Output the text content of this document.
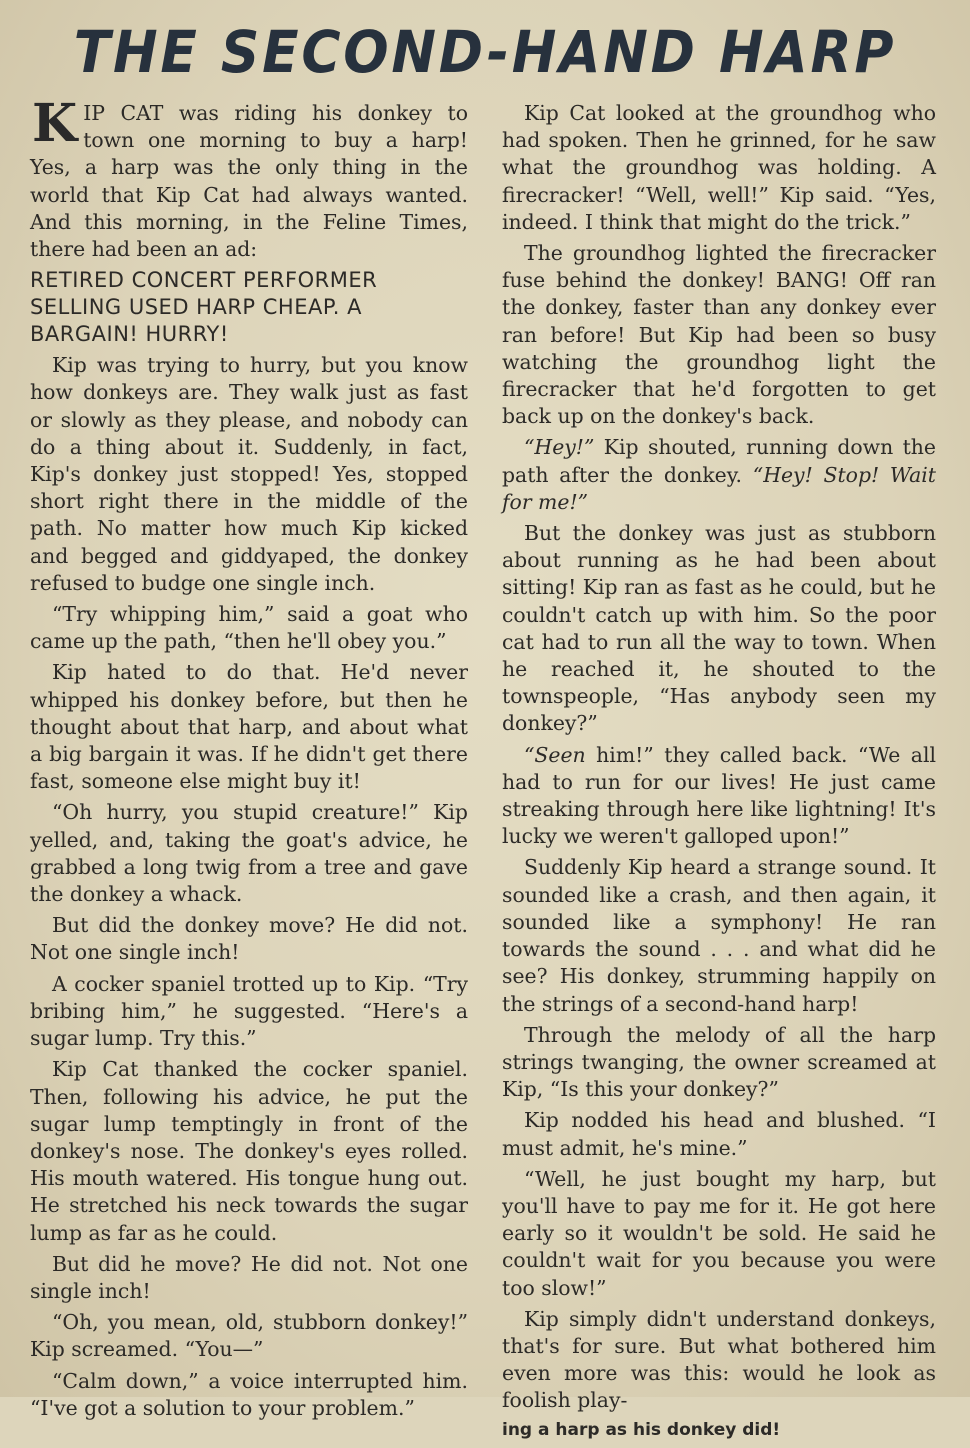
THE SECOND-HAND HARP

KIP CAT was riding his donkey to town one morning to buy a harp! Yes, a harp was the only thing in the world that Kip Cat had always wanted. And this morning, in the Feline Times, there had been an ad:

RETIRED CONCERT PERFORMER SELLING USED HARP CHEAP. A BARGAIN! HURRY!

Kip was trying to hurry, but you know how donkeys are. They walk just as fast or slowly as they please, and nobody can do a thing about it. Suddenly, in fact, Kip's donkey just stopped! Yes, stopped short right there in the middle of the path. No matter how much Kip kicked and begged and giddyaped, the donkey refused to budge one single inch.

“Try whipping him,” said a goat who came up the path, “then he'll obey you.”

Kip hated to do that. He'd never whipped his donkey before, but then he thought about that harp, and about what a big bargain it was. If he didn't get there fast, someone else might buy it!

“Oh hurry, you stupid creature!” Kip yelled, and, taking the goat's advice, he grabbed a long twig from a tree and gave the donkey a whack.

But did the donkey move? He did not. Not one single inch!

A cocker spaniel trotted up to Kip. “Try bribing him,” he suggested. “Here's a sugar lump. Try this.”

Kip Cat thanked the cocker spaniel. Then, following his advice, he put the sugar lump temptingly in front of the donkey's nose. The donkey's eyes rolled. His mouth watered. His tongue hung out. He stretched his neck towards the sugar lump as far as he could.

But did he move? He did not. Not one single inch!

“Oh, you mean, old, stubborn donkey!” Kip screamed. “You—”

“Calm down,” a voice interrupted him. “I've got a solution to your problem.”

Kip Cat looked at the groundhog who had spoken. Then he grinned, for he saw what the groundhog was holding. A firecracker! “Well, well!” Kip said. “Yes, indeed. I think that might do the trick.”

The groundhog lighted the firecracker fuse behind the donkey! BANG! Off ran the donkey, faster than any donkey ever ran before! But Kip had been so busy watching the groundhog light the firecracker that he'd forgotten to get back up on the donkey's back.

“Hey!” Kip shouted, running down the path after the donkey. “Hey! Stop! Wait for me!”

But the donkey was just as stubborn about running as he had been about sitting! Kip ran as fast as he could, but he couldn't catch up with him. So the poor cat had to run all the way to town. When he reached it, he shouted to the townspeople, “Has anybody seen my donkey?”

“Seen him!” they called back. “We all had to run for our lives! He just came streaking through here like lightning! It's lucky we weren't galloped upon!”

Suddenly Kip heard a strange sound. It sounded like a crash, and then again, it sounded like a symphony! He ran towards the sound . . . and what did he see? His donkey, strumming happily on the strings of a second-hand harp!

Through the melody of all the harp strings twanging, the owner screamed at Kip, “Is this your donkey?”

Kip nodded his head and blushed. “I must admit, he's mine.”

“Well, he just bought my harp, but you'll have to pay me for it. He got here early so it wouldn't be sold. He said he couldn't wait for you because you were too slow!”

Kip simply didn't understand donkeys, that's for sure. But what bothered him even more was this: would he look as foolish play-
ing a harp as his donkey did!
